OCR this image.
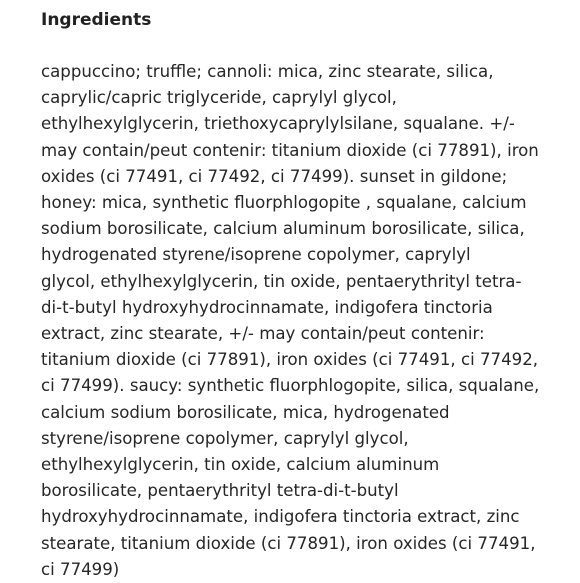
Ingredients
cappuccino; truffle; cannoli: mica, zinc stearate, silica,
caprylic/capric triglyceride, caprylyl glycol,
ethylhexylglycerin, triethoxycaprylylsilane, squalane. +/-
may contain/peut contenir: titanium dioxide (ci 77891), iron
oxides (ci 77491, ci 77492, ci 77499). sunset in gildone;
honey: mica, synthetic fluorphlogopite , squalane, calcium
sodium borosilicate, calcium aluminum borosilicate, silica,
hydrogenated styrene/isoprene copolymer, caprylyl
glycol, ethylhexylglycerin, tin oxide, pentaerythrityl tetra-
di-t-butyl hydroxyhydrocinnamate, indigofera tinctoria
extract, zinc stearate, +/- may contain/peut contenir:
titanium dioxide (ci 77891), iron oxides (ci 77491, ci 77492,
ci 77499). saucy: synthetic fluorphlogopite, silica, squalane,
calcium sodium borosilicate, mica, hydrogenated
styrene/isoprene copolymer, caprylyl glycol,
ethylhexylglycerin, tin oxide, calcium aluminum
borosilicate, pentaerythrityl tetra-di-t-butyl
hydroxyhydrocinnamate, indigofera tinctoria extract, zinc
stearate, titanium dioxide (ci 77891), iron oxides (ci 77491,
ci 77499)
